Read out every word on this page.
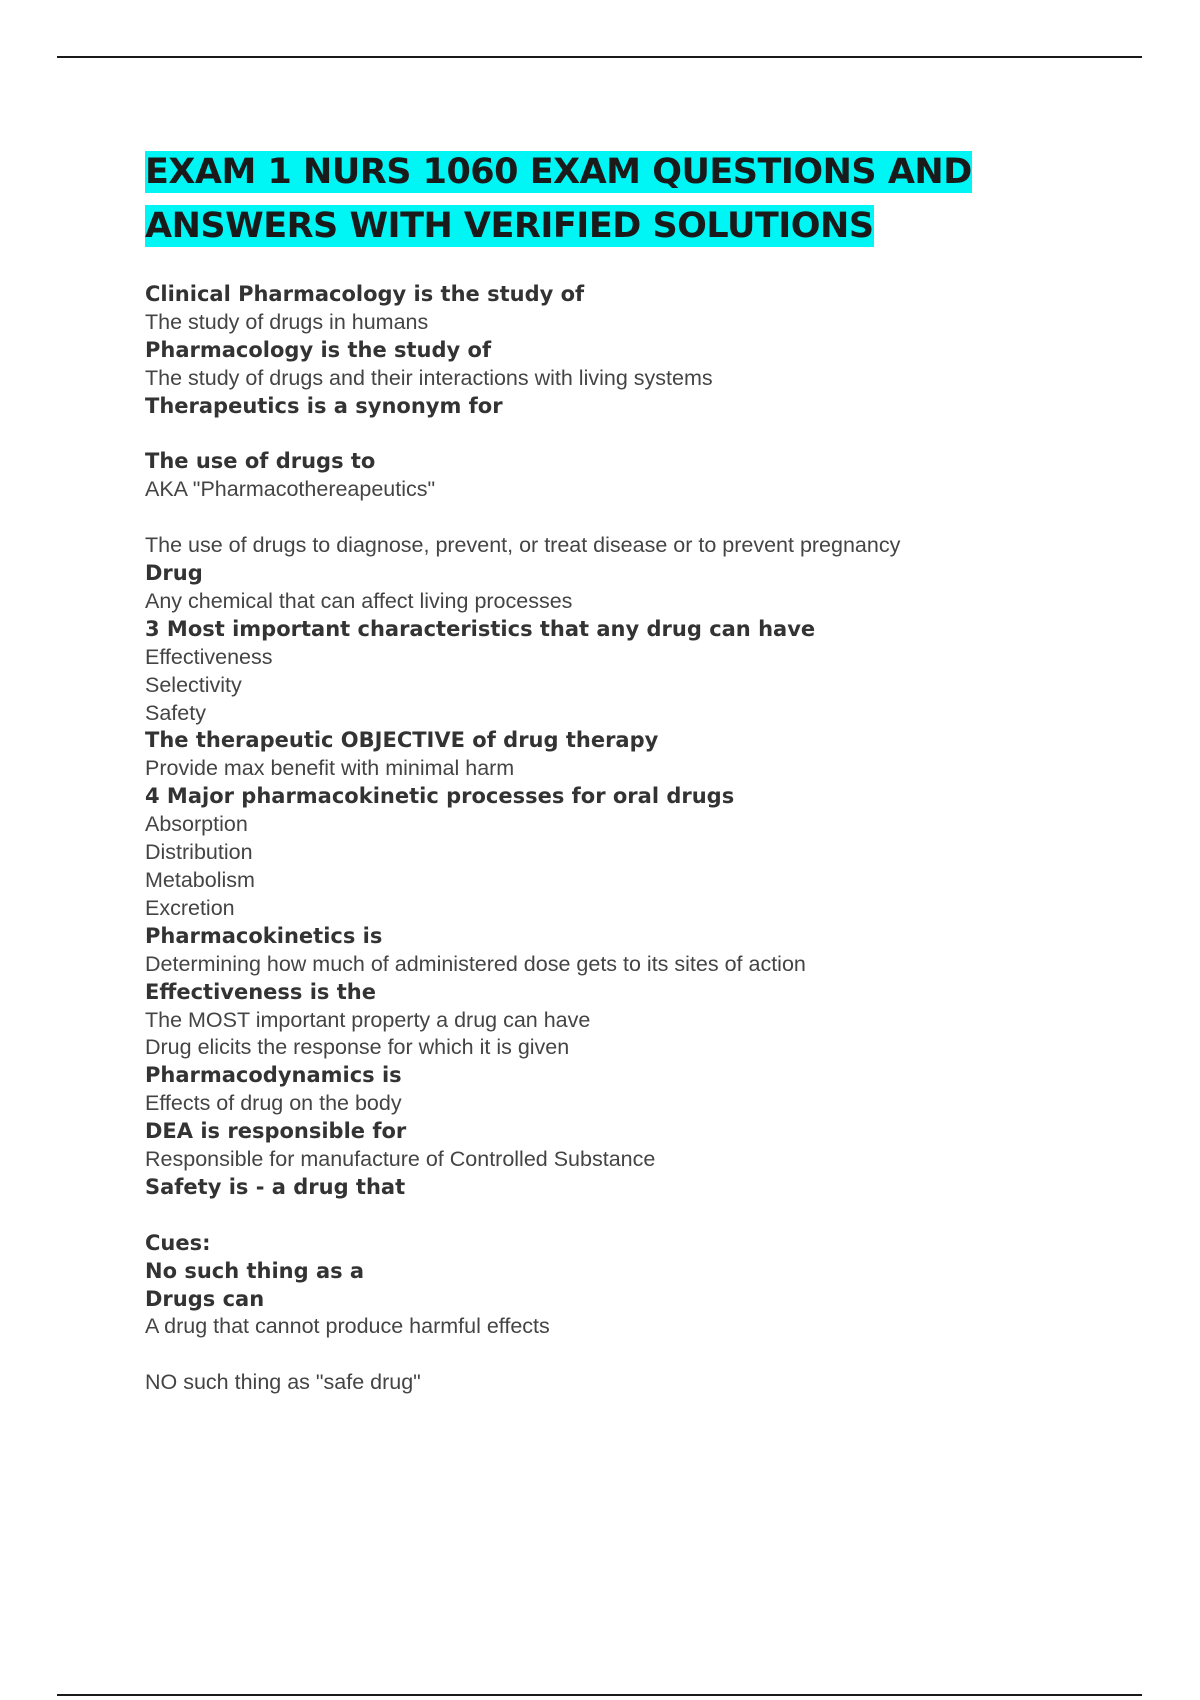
EXAM 1 NURS 1060 EXAM QUESTIONS AND
ANSWERS WITH VERIFIED SOLUTIONS
Clinical Pharmacology is the study of
The study of drugs in humans
Pharmacology is the study of
The study of drugs and their interactions with living systems
Therapeutics is a synonym for
The use of drugs to
AKA "Pharmacothereapeutics"
The use of drugs to diagnose, prevent, or treat disease or to prevent pregnancy
Drug
Any chemical that can affect living processes
3 Most important characteristics that any drug can have
Effectiveness
Selectivity
Safety
The therapeutic OBJECTIVE of drug therapy
Provide max benefit with minimal harm
4 Major pharmacokinetic processes for oral drugs
Absorption
Distribution
Metabolism
Excretion
Pharmacokinetics is
Determining how much of administered dose gets to its sites of action
Effectiveness is the
The MOST important property a drug can have
Drug elicits the response for which it is given
Pharmacodynamics is
Effects of drug on the body
DEA is responsible for
Responsible for manufacture of Controlled Substance
Safety is - a drug that
Cues:
No such thing as a
Drugs can
A drug that cannot produce harmful effects
NO such thing as "safe drug"
